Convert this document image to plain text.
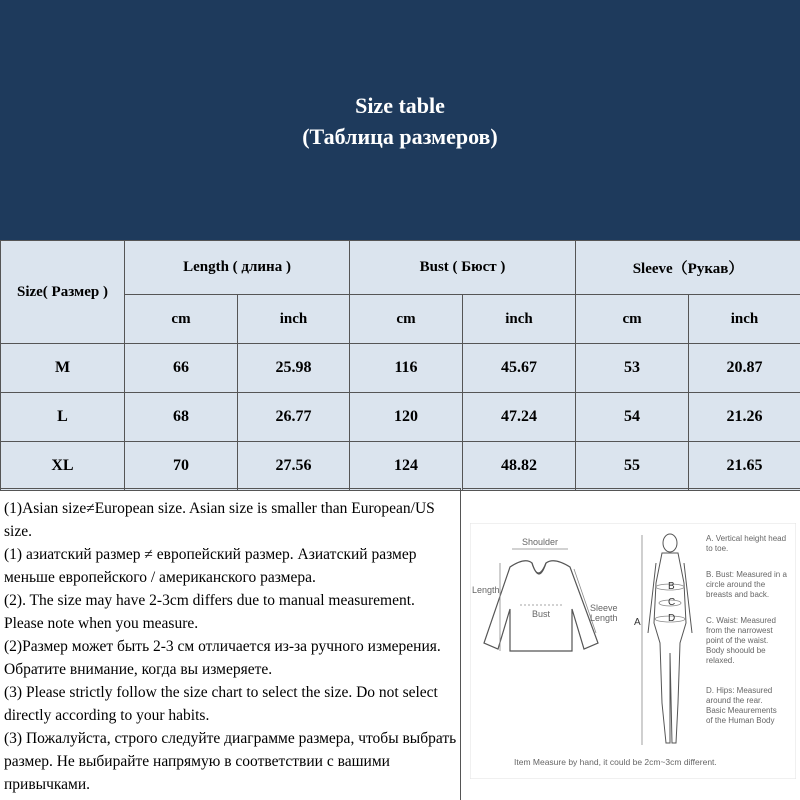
Size table
(Таблица размеров)
Size( Размер )	Length ( длина )		Bust ( Бюст )		Sleeve（Рукав）	
	cm	inch	cm	inch	cm	inch
M	66	25.98	116	45.67	53	20.87
L	68	26.77	120	47.24	54	21.26
XL	70	27.56	124	48.82	55	21.65

(1)Asian size≠European size. Asian size is smaller than European/US size.

(1) азиатский размер ≠ европейский размер. Азиатский размер меньше европейского / американского размера.

(2). The size may have 2-3cm differs due to manual measurement. Please note when you measure.

(2)Размер может быть 2-3 см отличается из-за ручного измерения. Обратите внимание, когда вы измеряете.

(3) Please strictly follow the size chart to select the size. Do not select directly according to your habits.

(3) Пожалуйста, строго следуйте диаграмме размера, чтобы выбрать размер. Не выбирайте напрямую в соответствии с вашими привычками.

Shoulder
Length
Bust
Sleeve
Length A
B
C
D
A. Vertical height head
to toe.
B. Bust: Measured in a
circle around the
breasts and back.
C. Waist: Measured
from the narrowest
point of the waist.
Body shoould be
relaxed.
D. Hips: Measured
around the rear.
Basic Meaurements
of the Human Body
Item Measure by hand, it could be 2cm~3cm different.
